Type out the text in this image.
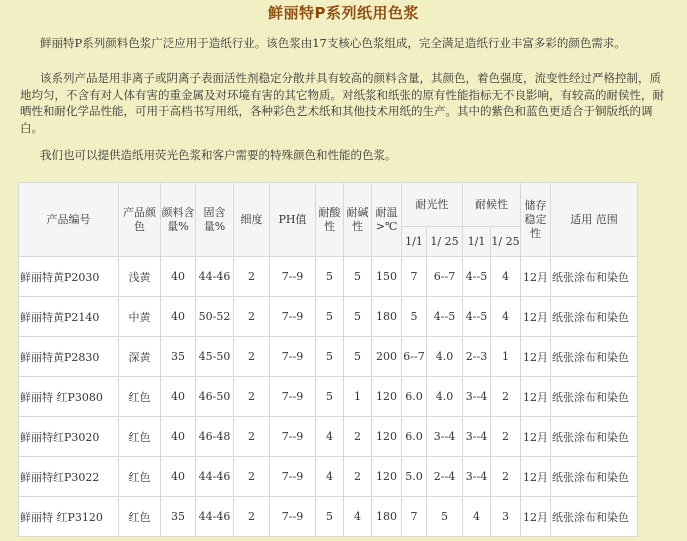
鲜丽特P系列纸用色浆
鲜丽特P系列颜料色浆广泛应用于造纸行业。该色浆由17支核心色浆组成，完全满足造纸行业丰富多彩的颜色需求。
该系列产品是用非离子或阴离子表面活性剂稳定分散并具有较高的颜料含量，其颜色，着色强度，流变性经过严格控制，质地均匀，不含有对人体有害的重金属及对环境有害的其它物质。对纸浆和纸张的原有性能指标无不良影响，有较高的耐侯性，耐晒性和耐化学品性能，可用于高档书写用纸，各种彩色艺术纸和其他技术用纸的生产。其中的紫色和蓝色更适合于铜版纸的调白。
我们也可以提供造纸用荧光色浆和客户需要的特殊颜色和性能的色浆。
产品编号	产品颜色	颜料含量%	固含量%	细度	PH值	耐酸性	耐碱性	耐温>℃	耐光性		耐候性		储存稳定性	适用 范围
									1/1	1/ 25	1/1	1/ 25		
鲜丽特黄P2030	浅黄	40	44-46	2	7--9	5	5	150	7	6--7	4--5	4	12月	纸张涂布和染色
鲜丽特黄P2140	中黄	40	50-52	2	7--9	5	5	180	5	4--5	4--5	4	12月	纸张涂布和染色
鲜丽特黄P2830	深黄	35	45-50	2	7--9	5	5	200	6--7	4.0	2--3	1	12月	纸张涂布和染色
鲜丽特 红P3080	红色	40	46-50	2	7--9	5	1	120	6.0	4.0	3--4	2	12月	纸张涂布和染色
鲜丽特红P3020	红色	40	46-48	2	7--9	4	2	120	6.0	3--4	3--4	2	12月	纸张涂布和染色
鲜丽特红P3022	红色	40	44-46	2	7--9	4	2	120	5.0	2--4	3--4	2	12月	纸张涂布和染色
鲜丽特 红P3120	红色	35	44-46	2	7--9	5	4	180	7	5	4	3	12月	纸张涂布和染色
